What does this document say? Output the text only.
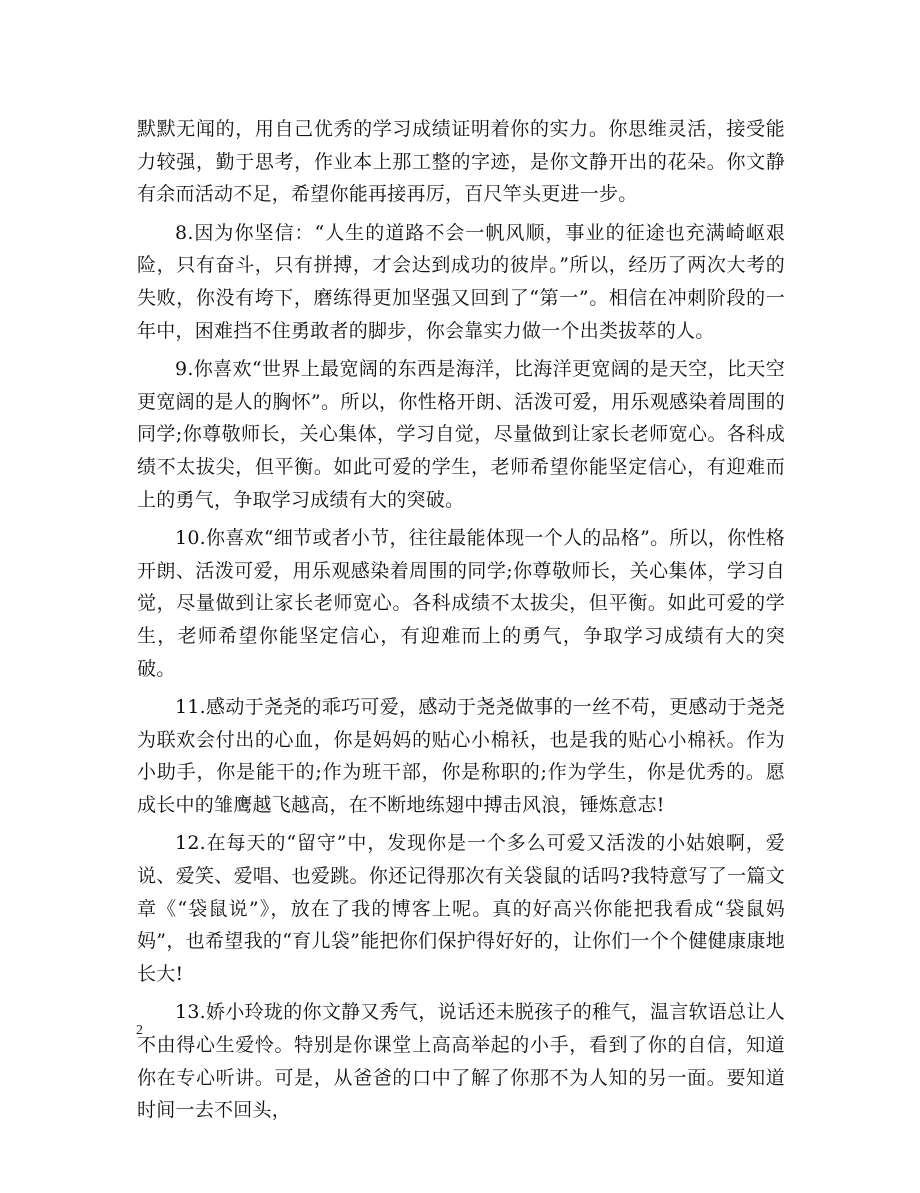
默默无闻的，用自己优秀的学习成绩证明着你的实力。你思维灵活，接受能力较强，勤于思考，作业本上那工整的字迹，是你文静开出的花朵。你文静有余而活动不足，希望你能再接再厉，百尺竿头更进一步。

8.因为你坚信：“人生的道路不会一帆风顺，事业的征途也充满崎岖艰险，只有奋斗，只有拼搏，才会达到成功的彼岸。”所以，经历了两次大考的失败，你没有垮下，磨练得更加坚强又回到了“第一”。相信在冲刺阶段的一年中，困难挡不住勇敢者的脚步，你会靠实力做一个出类拔萃的人。

9.你喜欢“世界上最宽阔的东西是海洋，比海洋更宽阔的是天空，比天空更宽阔的是人的胸怀”。所以，你性格开朗、活泼可爱，用乐观感染着周围的同学;你尊敬师长，关心集体，学习自觉，尽量做到让家长老师宽心。各科成绩不太拔尖，但平衡。如此可爱的学生，老师希望你能坚定信心，有迎难而上的勇气，争取学习成绩有大的突破。

10.你喜欢“细节或者小节，往往最能体现一个人的品格”。所以，你性格开朗、活泼可爱，用乐观感染着周围的同学;你尊敬师长，关心集体，学习自觉，尽量做到让家长老师宽心。各科成绩不太拔尖，但平衡。如此可爱的学生，老师希望你能坚定信心，有迎难而上的勇气，争取学习成绩有大的突破。

11.感动于尧尧的乖巧可爱，感动于尧尧做事的一丝不苟，更感动于尧尧为联欢会付出的心血，你是妈妈的贴心小棉袄，也是我的贴心小棉袄。作为小助手，你是能干的;作为班干部，你是称职的;作为学生，你是优秀的。愿成长中的雏鹰越飞越高，在不断地练翅中搏击风浪，锤炼意志!

12.在每天的“留守”中，发现你是一个多么可爱又活泼的小姑娘啊，爱说、爱笑、爱唱、也爱跳。你还记得那次有关袋鼠的话吗?我特意写了一篇文章《“袋鼠说”》，放在了我的博客上呢。真的好高兴你能把我看成“袋鼠妈妈”，也希望我的“育儿袋”能把你们保护得好好的，让你们一个个健健康康地长大!

13.娇小玲珑的你文静又秀气，说话还未脱孩子的稚气，温言软语总让人不由得心生爱怜。特别是你课堂上高高举起的小手，看到了你的自信，知道你在专心听讲。可是，从爸爸的口中了解了你那不为人知的另一面。要知道时间一去不回头，

2
